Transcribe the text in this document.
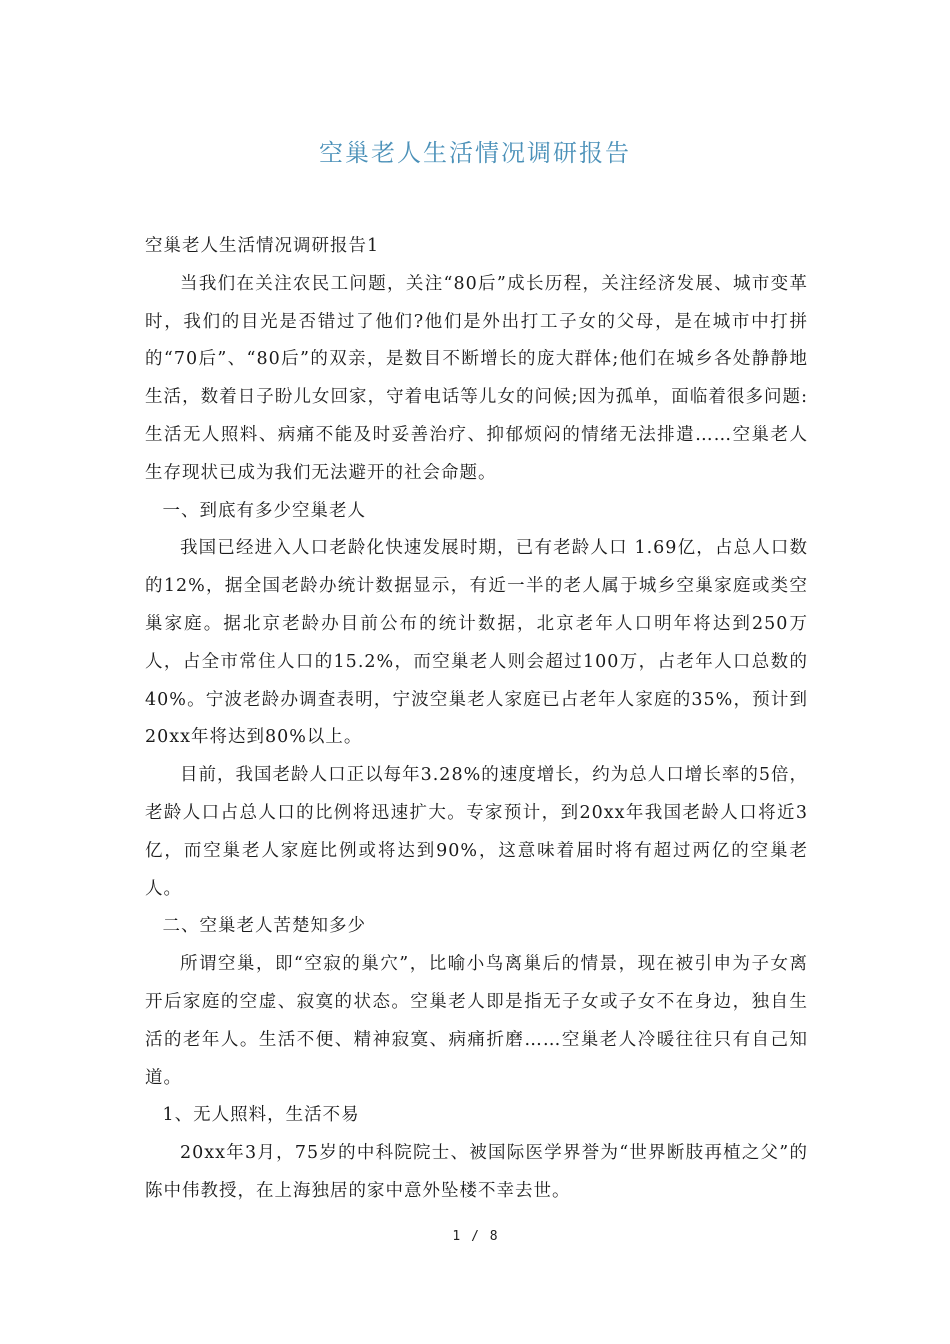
空巢老人生活情况调研报告

空巢老人生活情况调研报告1

当我们在关注农民工问题，关注“80后”成长历程，关注经济发展、城市变革时，我们的目光是否错过了他们?他们是外出打工子女的父母，是在城市中打拼的“70后”、“80后”的双亲，是数目不断增长的庞大群体;他们在城乡各处静静地生活，数着日子盼儿女回家，守着电话等儿女的问候;因为孤单，面临着很多问题:生活无人照料、病痛不能及时妥善治疗、抑郁烦闷的情绪无法排遣……空巢老人生存现状已成为我们无法避开的社会命题。

一、到底有多少空巢老人

我国已经进入人口老龄化快速发展时期，已有老龄人口 1.69亿，占总人口数的12%，据全国老龄办统计数据显示，有近一半的老人属于城乡空巢家庭或类空巢家庭。据北京老龄办目前公布的统计数据，北京老年人口明年将达到250万人，占全市常住人口的15.2%，而空巢老人则会超过100万，占老年人口总数的40%。宁波老龄办调查表明，宁波空巢老人家庭已占老年人家庭的35%，预计到20xx年将达到80%以上。

目前，我国老龄人口正以每年3.28%的速度增长，约为总人口增长率的5倍，老龄人口占总人口的比例将迅速扩大。专家预计，到20xx年我国老龄人口将近3亿，而空巢老人家庭比例或将达到90%，这意味着届时将有超过两亿的空巢老人。

二、空巢老人苦楚知多少

所谓空巢，即“空寂的巢穴”，比喻小鸟离巢后的情景，现在被引申为子女离开后家庭的空虚、寂寞的状态。空巢老人即是指无子女或子女不在身边，独自生活的老年人。生活不便、精神寂寞、病痛折磨……空巢老人冷暖往往只有自己知道。

1、无人照料，生活不易

20xx年3月，75岁的中科院院士、被国际医学界誉为“世界断肢再植之父”的陈中伟教授，在上海独居的家中意外坠楼不幸去世。

1 / 8
